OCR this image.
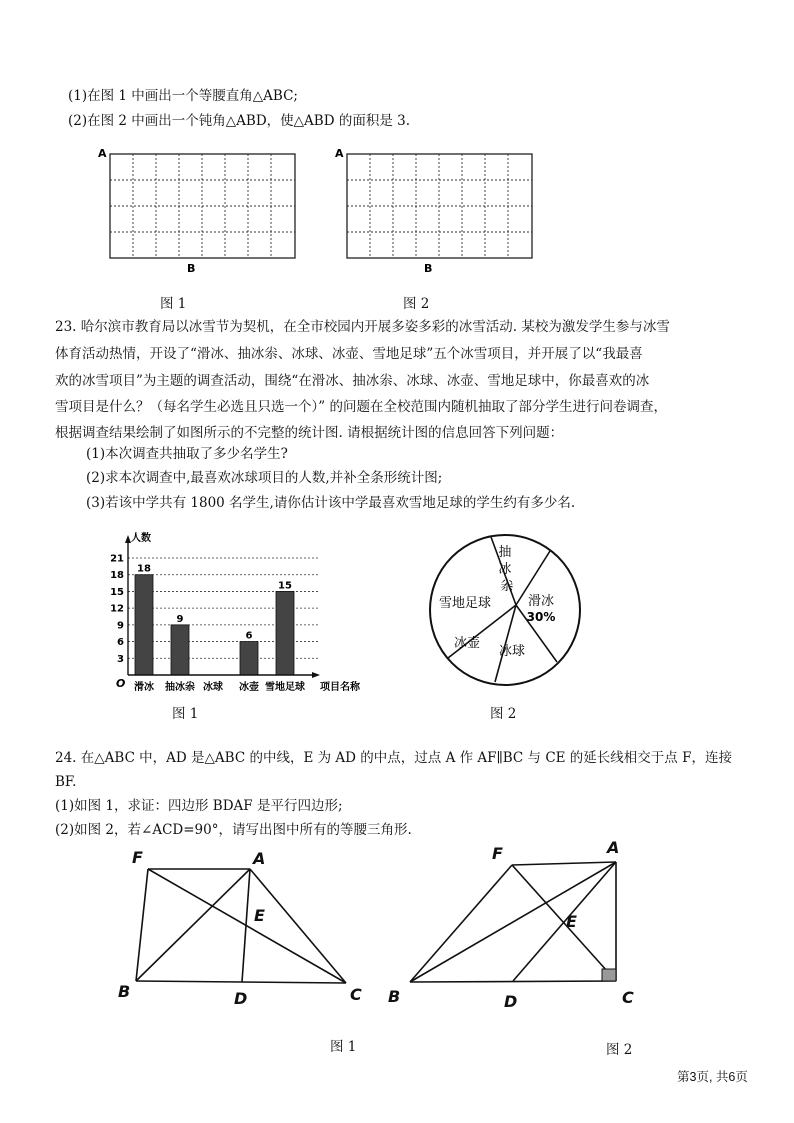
(1)在图 1 中画出一个等腰直角△ABC;
(2)在图 2 中画出一个钝角△ABD，使△ABD 的面积是 3.
A
B
图 1
A
B
图 2
23. 哈尔滨市教育局以冰雪节为契机，在全市校园内开展多姿多彩的冰雪活动. 某校为激发学生参与冰雪
体育活动热情，开设了“滑冰、抽冰尜、冰球、冰壶、雪地足球”五个冰雪项目，并开展了以“我最喜
欢的冰雪项目”为主题的调查活动，围绕“在滑冰、抽冰尜、冰球、冰壶、雪地足球中，你最喜欢的冰
雪项目是什么？（每名学生必选且只选一个）” 的问题在全校范围内随机抽取了部分学生进行问卷调查，
根据调查结果绘制了如图所示的不完整的统计图. 请根据统计图的信息回答下列问题：
(1)本次调查共抽取了多少名学生?
(2)求本次调查中,最喜欢冰球项目的人数,并补全条形统计图;
(3)若该中学共有 1800 名学生,请你估计该中学最喜欢雪地足球的学生约有多少名.
18
9
6
15
3
6
9
12
15
18
21
人数
项目名称
O 滑冰 抽冰尜 冰球 冰壶 雪地足球
图 1
抽 冰 尜
滑冰
30%
雪地足球
冰球
冰壶
图 2
24. 在△ABC 中，AD 是△ABC 的中线，E 为 AD 的中点，过点 A 作 AF∥BC 与 CE 的延长线相交于点 F，连接
BF.
(1)如图 1，求证：四边形 BDAF 是平行四边形;
(2)如图 2，若∠ACD=90°，请写出图中所有的等腰三角形.
F	A
E
B	D	C
图 1
F	A
E
B	D	C
图 2
第3页, 共6页
